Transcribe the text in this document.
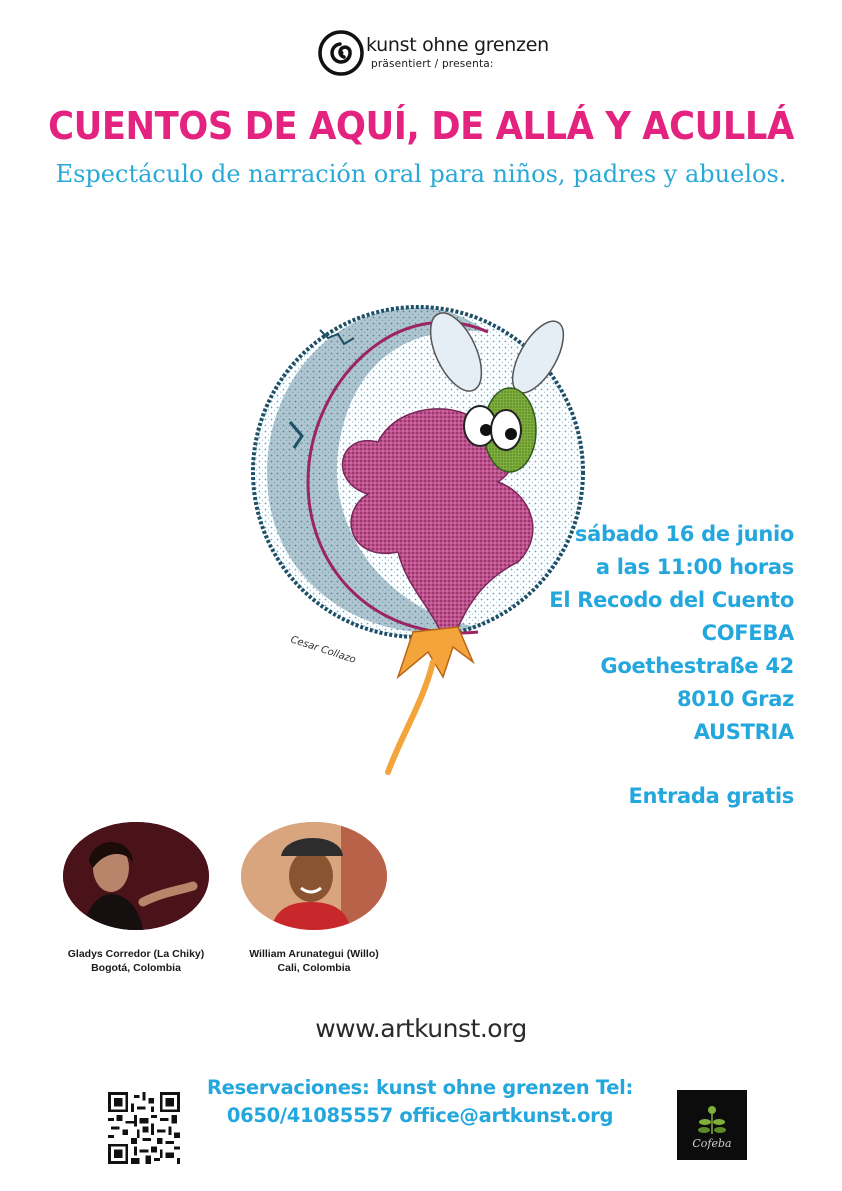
kunst ohne grenzen
präsentiert / presenta:
CUENTOS DE AQUÍ, DE ALLÁ Y ACULLÁ
Espectáculo de narración oral para niños, padres y abuelos.
Cesar Collazo
sábado 16 de junio
a las 11:00 horas
El Recodo del Cuento
COFEBA
Goethestraße 42
8010 Graz
AUSTRIA
Entrada gratis
Gladys Corredor (La Chiky)
Bogotá, Colombia
William Arunategui (Willo)
Cali, Colombia
www.artkunst.org
Reservaciones: kunst ohne grenzen Tel:
0650/41085557 office@artkunst.org
Cofeba
